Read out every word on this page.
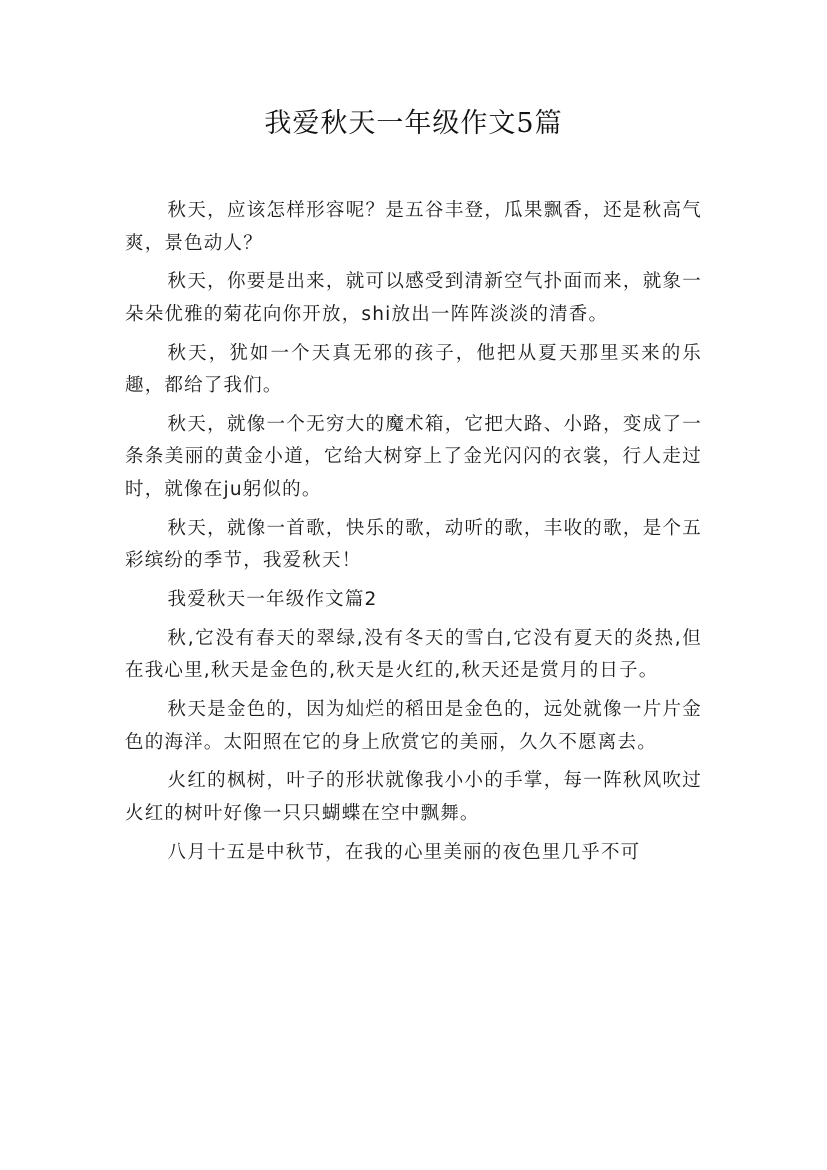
我爱秋天一年级作文5篇

秋天，应该怎样形容呢？是五谷丰登，瓜果飘香，还是秋高气爽，景色动人？

秋天，你要是出来，就可以感受到清新空气扑面而来，就象一朵朵优雅的菊花向你开放，shi放出一阵阵淡淡的清香。

秋天，犹如一个天真无邪的孩子，他把从夏天那里买来的乐趣，都给了我们。

秋天，就像一个无穷大的魔术箱，它把大路、小路，变成了一条条美丽的黄金小道，它给大树穿上了金光闪闪的衣裳，行人走过时，就像在ju躬似的。

秋天，就像一首歌，快乐的歌，动听的歌，丰收的歌，是个五彩缤纷的季节，我爱秋天！

我爱秋天一年级作文篇2

秋,它没有春天的翠绿,没有冬天的雪白,它没有夏天的炎热,但在我心里,秋天是金色的,秋天是火红的,秋天还是赏月的日子。

秋天是金色的，因为灿烂的稻田是金色的，远处就像一片片金色的海洋。太阳照在它的身上欣赏它的美丽，久久不愿离去。

火红的枫树，叶子的形状就像我小小的手掌，每一阵秋风吹过火红的树叶好像一只只蝴蝶在空中飘舞。

八月十五是中秋节，在我的心里美丽的夜色里几乎不可
